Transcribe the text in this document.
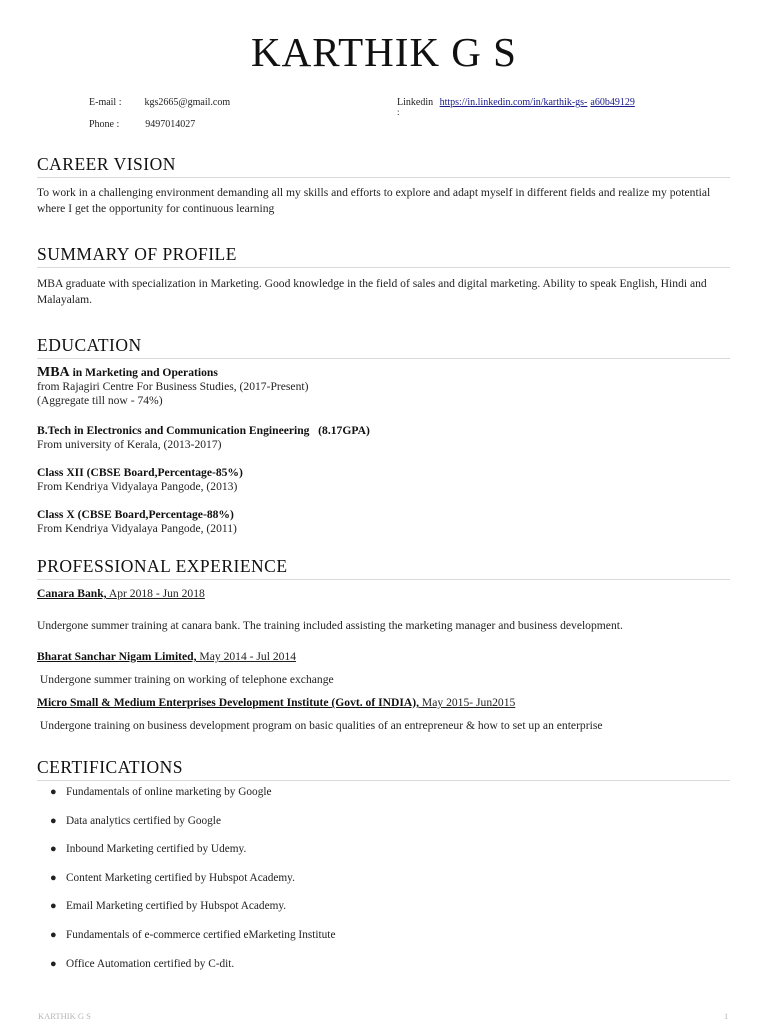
KARTHIK G S
E-mail : kgs2665@gmail.com
Phone :	9497014027
Linkedin https://in.linkedin.com/in/karthik-gs- a60b49129
:
CAREER VISION
To work in a challenging environment demanding all my skills and efforts to explore and adapt myself in different fields and realize my potential where I get the opportunity for continuous learning
SUMMARY OF PROFILE
MBA graduate with specialization in Marketing. Good knowledge in the field of sales and digital marketing. Ability to speak English, Hindi and Malayalam.
EDUCATION
MBA in Marketing and Operations
from Rajagiri Centre For Business Studies, (2017-Present)
(Aggregate till now - 74%)
B.Tech in Electronics and Communication Engineering   (8.17GPA)
From university of Kerala, (2013-2017)
Class XII (CBSE Board,Percentage-85%)
From Kendriya Vidyalaya Pangode, (2013)
Class X (CBSE Board,Percentage-88%)
From Kendriya Vidyalaya Pangode, (2011)
PROFESSIONAL EXPERIENCE
Canara Bank, Apr 2018 - Jun 2018
Undergone summer training at canara bank. The training included assisting the marketing manager and business development.
Bharat Sanchar Nigam Limited, May 2014 - Jul 2014
Undergone summer training on working of telephone exchange
Micro Small & Medium Enterprises Development Institute (Govt. of INDIA), May 2015- Jun2015
Undergone training on business development program on basic qualities of an entrepreneur & how to set up an enterprise
CERTIFICATIONS
● Fundamentals of online marketing by Google
● Data analytics certified by Google
● Inbound Marketing certified by Udemy.
● Content Marketing certified by Hubspot Academy.
● Email Marketing certified by Hubspot Academy.
● Fundamentals of e-commerce certified eMarketing Institute
● Office Automation certified by C-dit.
KARTHIK G S	1
